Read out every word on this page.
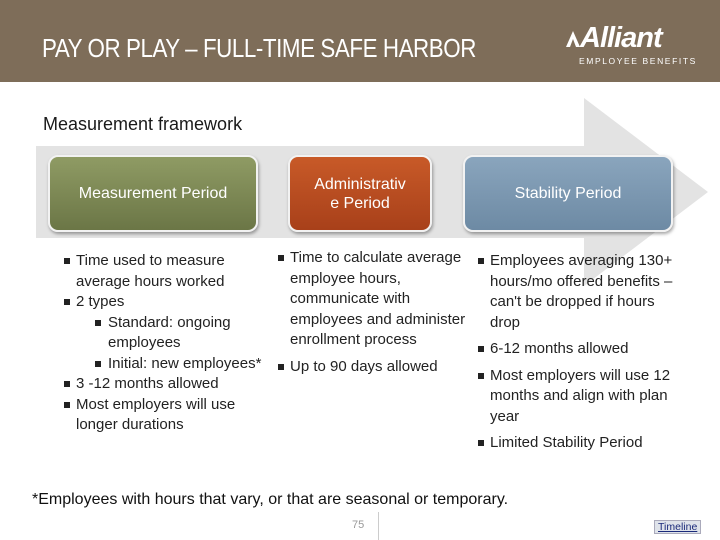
PAY OR PLAY – FULL-TIME SAFE HARBOR	Alliant
EMPLOYEE BENEFITS
Measurement framework
Measurement Period
Administrativ
e Period
Stability Period
Time used to measure average hours worked
2 types
Standard: ongoing employees
Initial: new employees*
3 -12 months allowed
Most employers will use longer durations
Time to calculate average employee hours, communicate with employees and administer enrollment process
Up to 90 days allowed
Employees averaging 130+ hours/mo offered benefits – can't be dropped if hours drop
6-12 months allowed
Most employers will use 12 months and align with plan year
Limited Stability Period
*Employees with hours that vary, or that are seasonal or temporary.
75	Timeline
